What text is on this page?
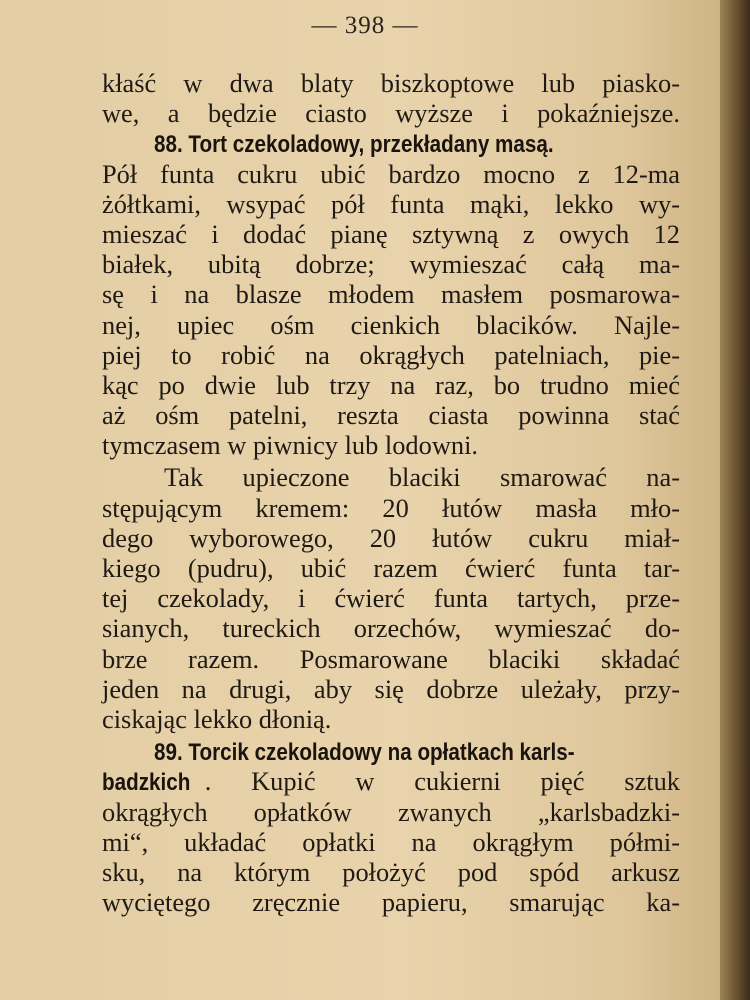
— 398 —
kłaść w dwa blaty biszkoptowe lub piasko-
we, a będzie ciasto wyższe i pokaźniejsze.
88. Tort czekoladowy, przekładany masą.
Pół funta cukru ubić bardzo mocno z 12-ma
żółtkami, wsypać pół funta mąki, lekko wy-
mieszać i dodać pianę sztywną z owych 12
białek, ubitą dobrze; wymieszać całą ma-
sę i na blasze młodem masłem posmarowa-
nej, upiec ośm cienkich blacików. Najle-
piej to robić na okrągłych patelniach, pie-
kąc po dwie lub trzy na raz, bo trudno mieć
aż ośm patelni, reszta ciasta powinna stać
tymczasem w piwnicy lub lodowni.
Tak upieczone blaciki smarować na-
stępującym kremem: 20 łutów masła mło-
dego wyborowego, 20 łutów cukru miał-
kiego (pudru), ubić razem ćwierć funta tar-
tej czekolady, i ćwierć funta tartych, prze-
sianych, tureckich orzechów, wymieszać do-
brze razem. Posmarowane blaciki składać
jeden na drugi, aby się dobrze uleżały, przy-
ciskając lekko dłonią.
89. Torcik czekoladowy na opłatkach karls-
badzkich . Kupić w cukierni pięć sztuk
okrągłych opłatków zwanych „karlsbadzki-
mi“, układać opłatki na okrągłym półmi-
sku, na którym położyć pod spód arkusz
wyciętego zręcznie papieru, smarując ka-
